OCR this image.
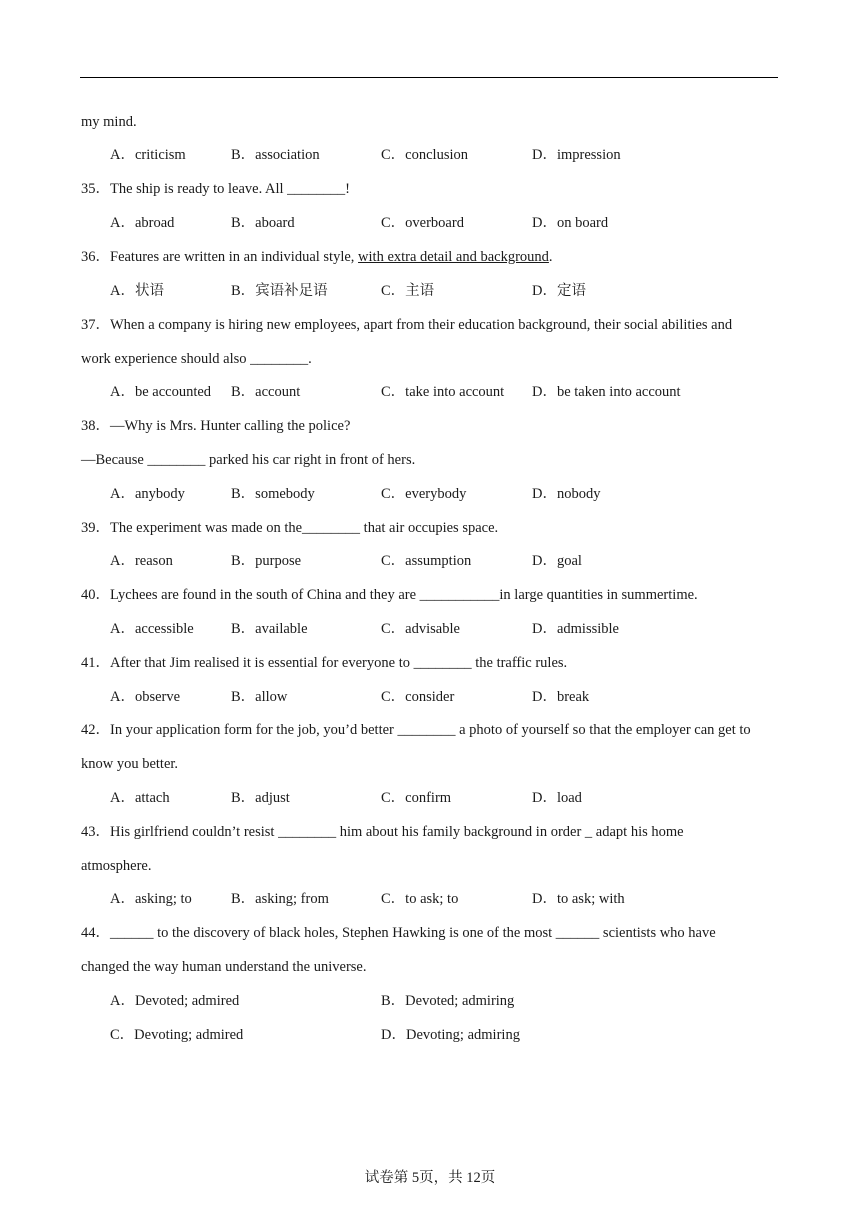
my mind.
A．criticism	B．association	C．conclusion	D．impression
35．The ship is ready to leave. All ________!
A．abroad	B．aboard	C．overboard	D．on board
36．Features are written in an individual style, with extra detail and background.
A．状语	B．宾语补足语	C．主语	D．定语
37．When a company is hiring new employees, apart from their education background, their social abilities and
work experience should also ________.
A．be accounted B．account	C．take into account D．be taken into account
38．—Why is Mrs. Hunter calling the police?
—Because ________ parked his car right in front of hers.
A．anybody	B．somebody	C．everybody	D．nobody
39．The experiment was made on the________ that air occupies space.
A．reason	B．purpose	C．assumption	D．goal
40．Lychees are found in the south of China and they are ___________in large quantities in summertime.
A．accessible	B．available	C．advisable	D．admissible
41．After that Jim realised it is essential for everyone to ________ the traffic rules.
A．observe	B．allow	C．consider	D．break
42．In your application form for the job, you’d better ________ a photo of yourself so that the employer can get to
know you better.
A．attach	B．adjust	C．confirm	D．load
43．His girlfriend couldn’t resist ________ him about his family background in order _ adapt his home
atmosphere.
A．asking; to	B．asking; from	C．to ask; to	D．to ask; with
44．______ to the discovery of black holes, Stephen Hawking is one of the most ______ scientists who have
changed the way human understand the universe.
A．Devoted; admired	B．Devoted; admiring
C．Devoting; admired	D．Devoting; admiring
试卷第 5页，共 12页
